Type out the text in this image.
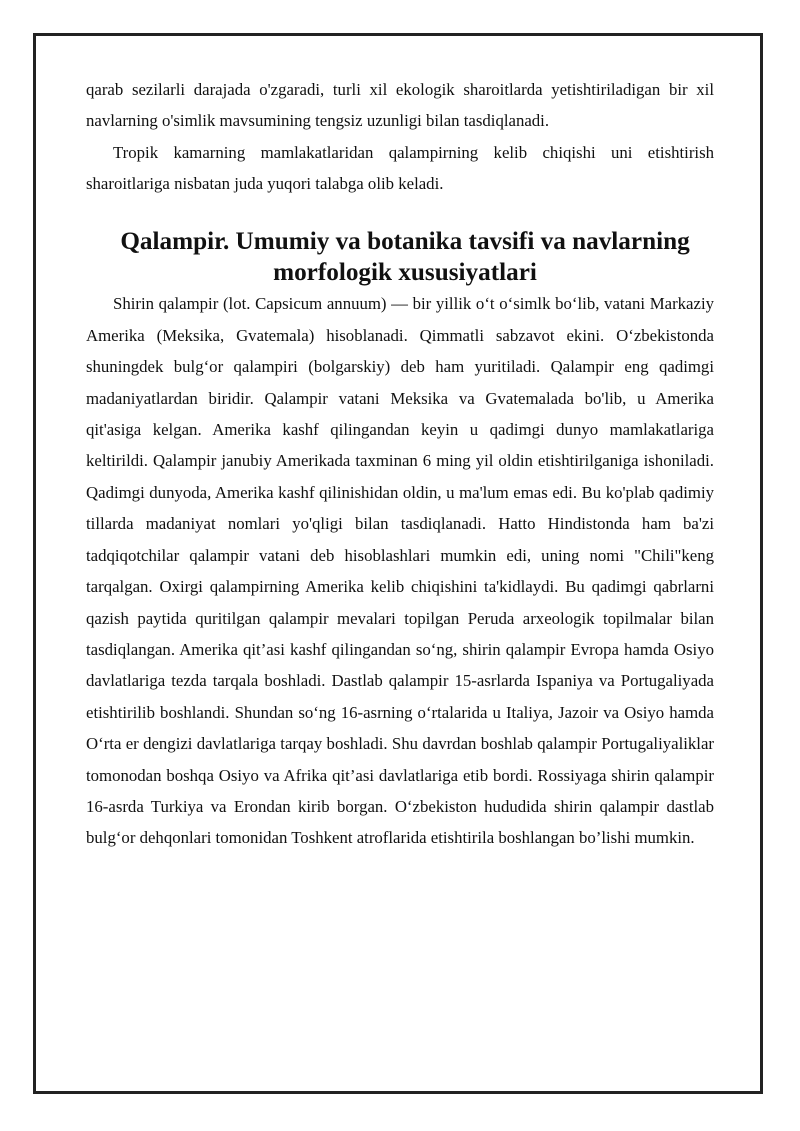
qarab sezilarli darajada o'zgaradi, turli xil ekologik sharoitlarda yetishtiriladigan bir xil navlarning o'simlik mavsumining tengsiz uzunligi bilan tasdiqlanadi.

Tropik kamarning mamlakatlaridan qalampirning kelib chiqishi uni etishtirish sharoitlariga nisbatan juda yuqori talabga olib keladi.

Qalampir. Umumiy va botanika tavsifi va navlarning morfologik xususiyatlari

Shirin qalampir (lot. Capsicum annuum) — bir yillik o‘t o‘simlk bo‘lib, vatani Markaziy Amerika (Meksika, Gvatemala) hisoblanadi. Qimmatli sabzavot ekini. O‘zbekistonda shuningdek bulg‘or qalampiri (bolgarskiy) deb ham yuritiladi. Qalampir eng qadimgi madaniyatlardan biridir. Qalampir vatani Meksika va Gvatemalada bo'lib, u Amerika qit'asiga kelgan. Amerika kashf qilingandan keyin u qadimgi dunyo mamlakatlariga keltirildi. Qalampir janubiy Amerikada taxminan 6 ming yil oldin etishtirilganiga ishoniladi. Qadimgi dunyoda, Amerika kashf qilinishidan oldin, u ma'lum emas edi. Bu ko'plab qadimiy tillarda madaniyat nomlari yo'qligi bilan tasdiqlanadi. Hatto Hindistonda ham ba'zi tadqiqotchilar qalampir vatani deb hisoblashlari mumkin edi, uning nomi "Chili"keng tarqalgan. Oxirgi qalampirning Amerika kelib chiqishini ta'kidlaydi. Bu qadimgi qabrlarni qazish paytida quritilgan qalampir mevalari topilgan Peruda arxeologik topilmalar bilan tasdiqlangan. Amerika qit’asi kashf qilingandan so‘ng, shirin qalampir Evropa hamda Osiyo davlatlariga tezda tarqala boshladi. Dastlab qalampir 15-asrlarda Ispaniya va Portugaliyada etishtirilib boshlandi. Shundan so‘ng 16-asrning o‘rtalarida u Italiya, Jazoir va Osiyo hamda O‘rta er dengizi davlatlariga tarqay boshladi. Shu davrdan boshlab qalampir Portugaliyaliklar tomonodan boshqa Osiyo va Afrika qit’asi davlatlariga etib bordi. Rossiyaga shirin qalampir 16-asrda Turkiya va Erondan kirib borgan. O‘zbekiston hududida shirin qalampir dastlab bulg‘or dehqonlari tomonidan Toshkent atroflarida etishtirila boshlangan bo’lishi mumkin.
